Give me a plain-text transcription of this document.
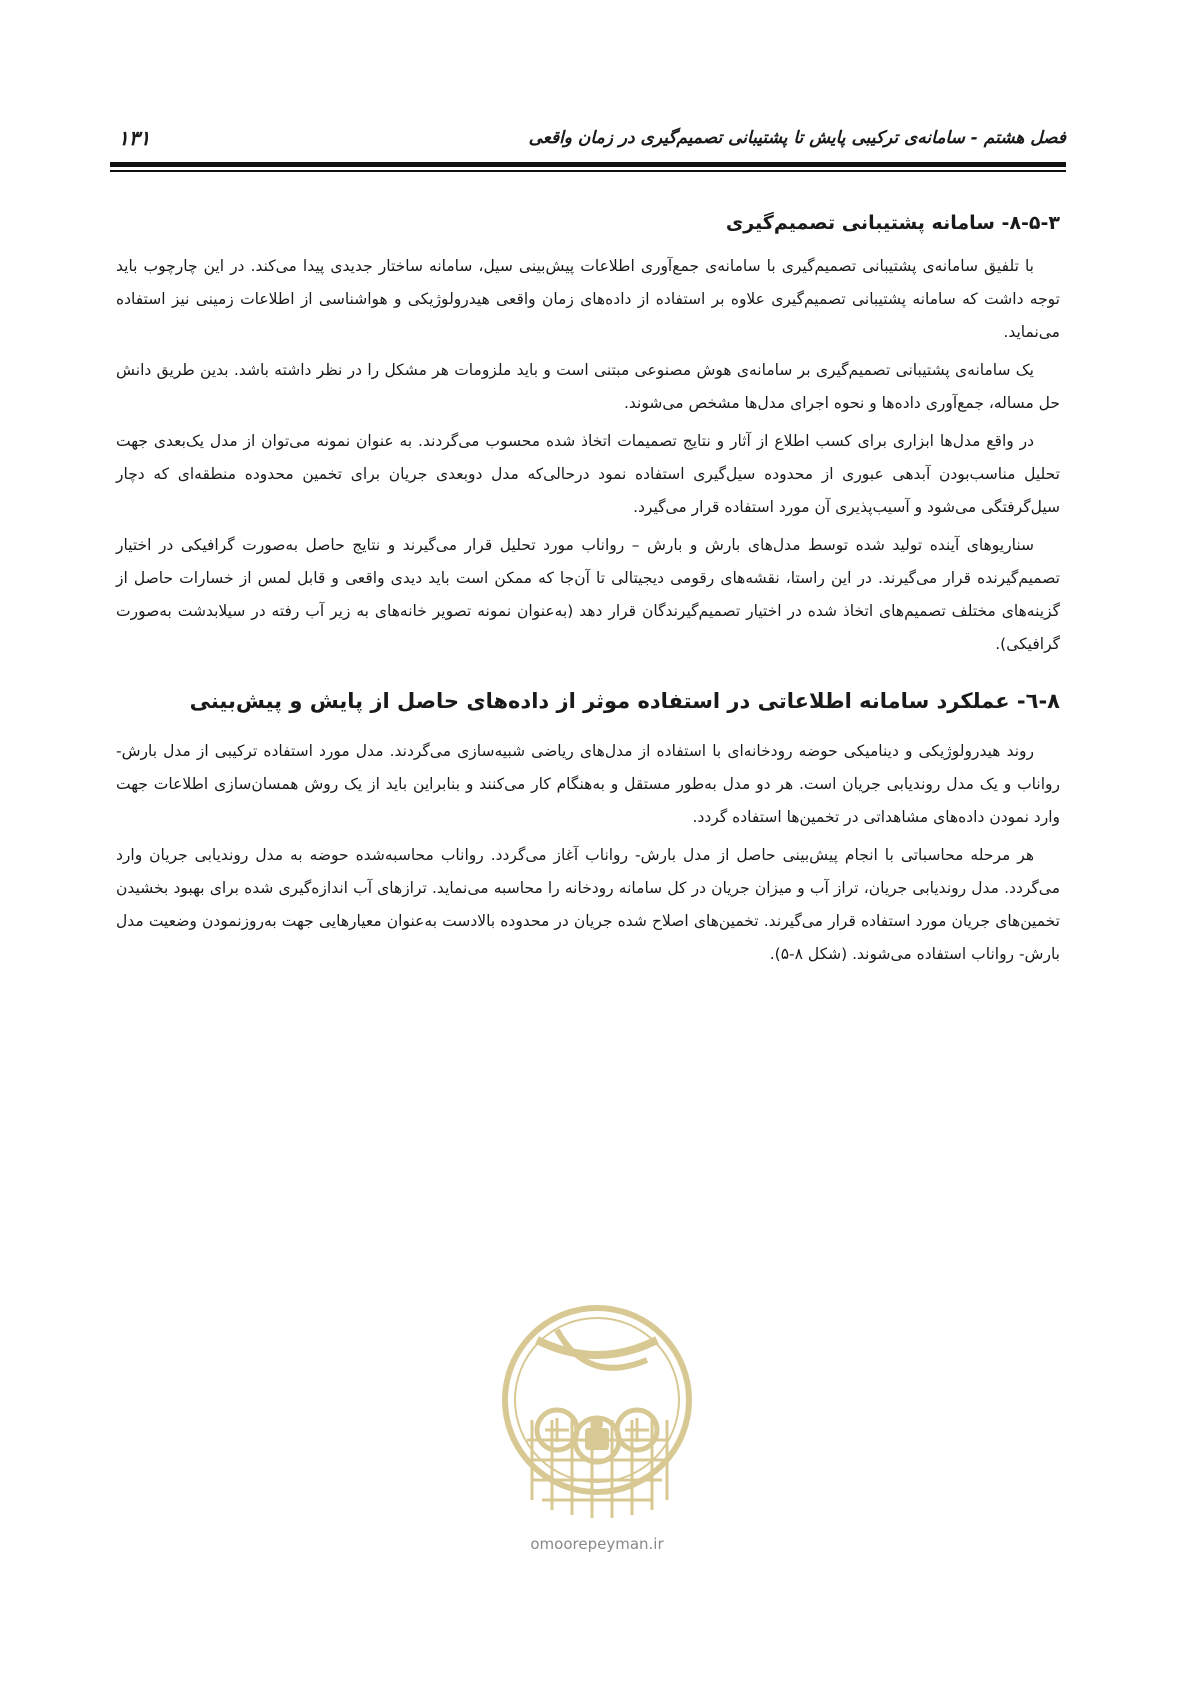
فصل هشتم - سامانه‌ی ترکیبی پایش تا پشتیبانی تصمیم‌گیری در زمان واقعی
۱۳۱
۸-۵-۳- سامانه پشتیبانی تصمیم‌گیری

با تلفیق سامانه‌ی پشتیبانی تصمیم‌گیری با سامانه‌ی جمع‌آوری اطلاعات پیش‌بینی سیل، سامانه ساختار جدیدی پیدا می‌کند. در این چارچوب باید توجه داشت که سامانه پشتیبانی تصمیم‌گیری علاوه بر استفاده از داده‌های زمان واقعی هیدرولوژیکی و هواشناسی از اطلاعات زمینی نیز استفاده می‌نماید.

یک سامانه‌ی پشتیبانی تصمیم‌گیری بر سامانه‌ی هوش مصنوعی مبتنی است و باید ملزومات هر مشکل را در نظر داشته باشد. بدین طریق دانش حل مساله، جمع‌آوری داده‌ها و نحوه اجرای مدل‌ها مشخص می‌شوند.

در واقع مدل‌ها ابزاری برای کسب اطلاع از آثار و نتایج تصمیمات اتخاذ شده محسوب می‌گردند. به عنوان نمونه می‌توان از مدل یک‌بعدی جهت تحلیل مناسب‌بودن آبدهی عبوری از محدوده سیل‌گیری استفاده نمود درحالی‌که مدل دوبعدی جریان برای تخمین محدوده منطقه‌ای که دچار سیل‌گرفتگی می‌شود و آسیب‌پذیری آن مورد استفاده قرار می‌گیرد.

سناریوهای آینده تولید شده توسط مدل‌های بارش و بارش – رواناب مورد تحلیل قرار می‌گیرند و نتایج حاصل به‌صورت گرافیکی در اختیار تصمیم‌گیرنده قرار می‌گیرند. در این راستا، نقشه‌های رقومی دیجیتالی تا آن‌جا که ممکن است باید دیدی واقعی و قابل لمس از خسارات حاصل از گزینه‌های مختلف تصمیم‌های اتخاذ شده در اختیار تصمیم‌گیرندگان قرار دهد (به‌عنوان نمونه تصویر خانه‌های به زیر آب رفته در سیلابدشت به‌صورت گرافیکی).

۸-٦- عملکرد سامانه اطلاعاتی در استفاده موثر از داده‌های حاصل از پایش و پیش‌بینی

روند هیدرولوژیکی و دینامیکی حوضه رودخانه‌ای با استفاده از مدل‌های ریاضی شبیه‌سازی می‌گردند. مدل مورد استفاده ترکیبی از مدل بارش- رواناب و یک مدل روندیابی جریان است. هر دو مدل به‌طور مستقل و به‌هنگام کار می‌کنند و بنابراین باید از یک روش همسان‌سازی اطلاعات جهت وارد نمودن داده‌های مشاهداتی در تخمین‌ها استفاده گردد.

هر مرحله محاسباتی با انجام پیش‌بینی حاصل از مدل بارش- رواناب آغاز می‌گردد. رواناب محاسبه‌شده حوضه به مدل روندیابی جریان وارد می‌گردد. مدل روندیابی جریان، تراز آب و میزان جریان در کل سامانه رودخانه را محاسبه می‌نماید. ترازهای آب اندازه‌گیری شده برای بهبود بخشیدن تخمین‌های جریان مورد استفاده قرار می‌گیرند. تخمین‌های اصلاح شده جریان در محدوده بالادست به‌عنوان معیارهایی جهت به‌روزنمودن وضعیت مدل بارش- رواناب استفاده می‌شوند. (شکل ۸-۵).

omoorepeyman.ir
